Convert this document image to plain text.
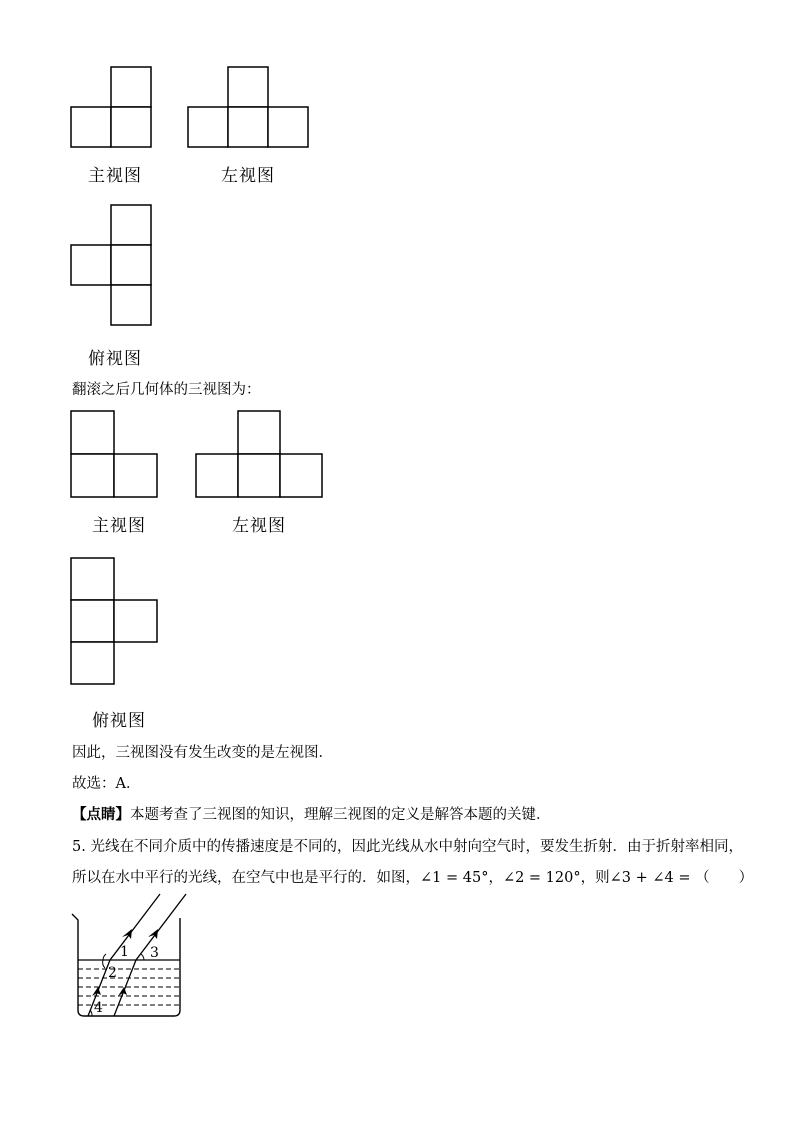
主视图	左视图
俯视图
翻滚之后几何体的三视图为：
主视图	左视图
俯视图
因此，三视图没有发生改变的是左视图．
故选：A．
【点睛】本题考查了三视图的知识，理解三视图的定义是解答本题的关键．
5. 光线在不同介质中的传播速度是不同的，因此光线从水中射向空气时，要发生折射．由于折射率相同，
所以在水中平行的光线，在空气中也是平行的．如图，∠1 = 45°，∠2 = 120°，则∠3 + ∠4 = （　　）
1
2
3
4
